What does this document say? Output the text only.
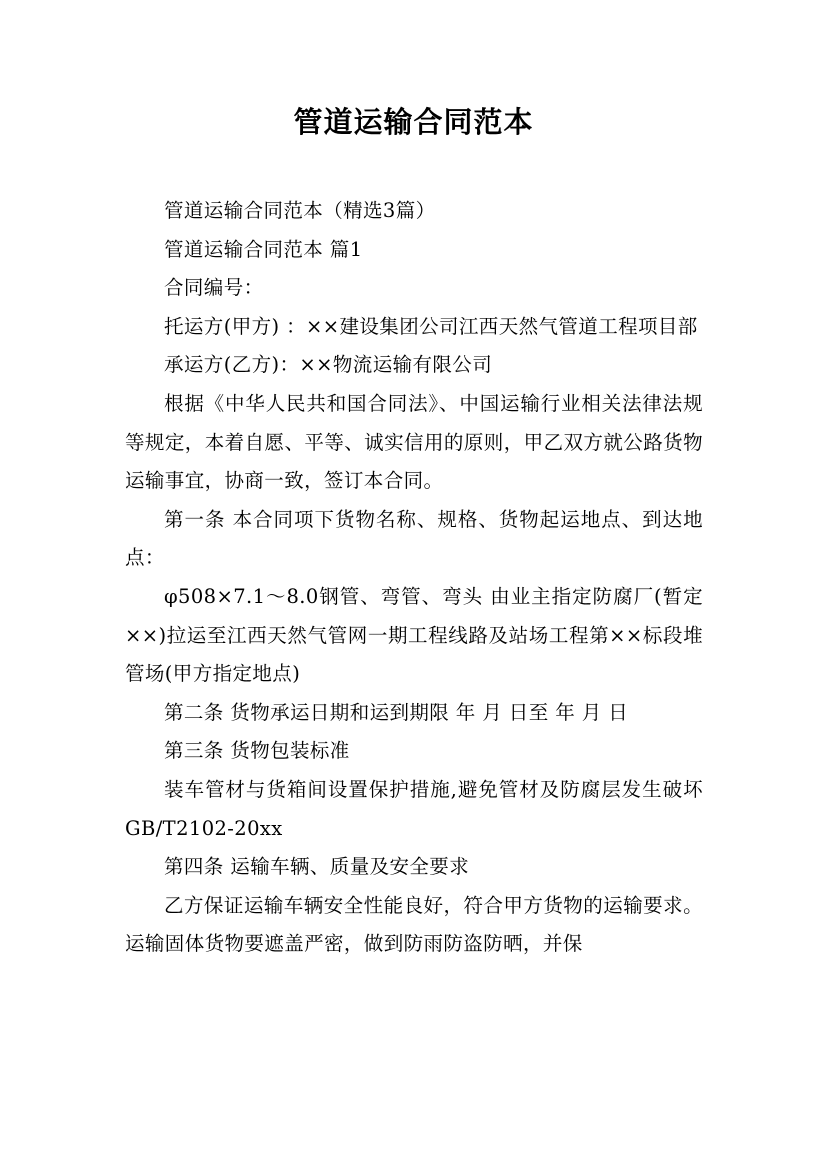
管道运输合同范本

管道运输合同范本（精选3篇）

管道运输合同范本 篇1

合同编号：

托运方(甲方) ：××建设集团公司江西天然气管道工程项目部

承运方(乙方)：××物流运输有限公司

根据《中华人民共和国合同法》、中国运输行业相关法律法规等规定，本着自愿、平等、诚实信用的原则，甲乙双方就公路货物运输事宜，协商一致，签订本合同。

第一条 本合同项下货物名称、规格、货物起运地点、到达地点：

φ508×7.1～8.0钢管、弯管、弯头 由业主指定防腐厂(暂定××)拉运至江西天然气管网一期工程线路及站场工程第××标段堆管场(甲方指定地点)

第二条 货物承运日期和运到期限 年 月 日至 年 月 日

第三条 货物包装标准

装车管材与货箱间设置保护措施,避免管材及防腐层发生破坏 GB/T2102-20xx

第四条 运输车辆、质量及安全要求

乙方保证运输车辆安全性能良好，符合甲方货物的运输要求。运输固体货物要遮盖严密，做到防雨防盗防晒，并保
